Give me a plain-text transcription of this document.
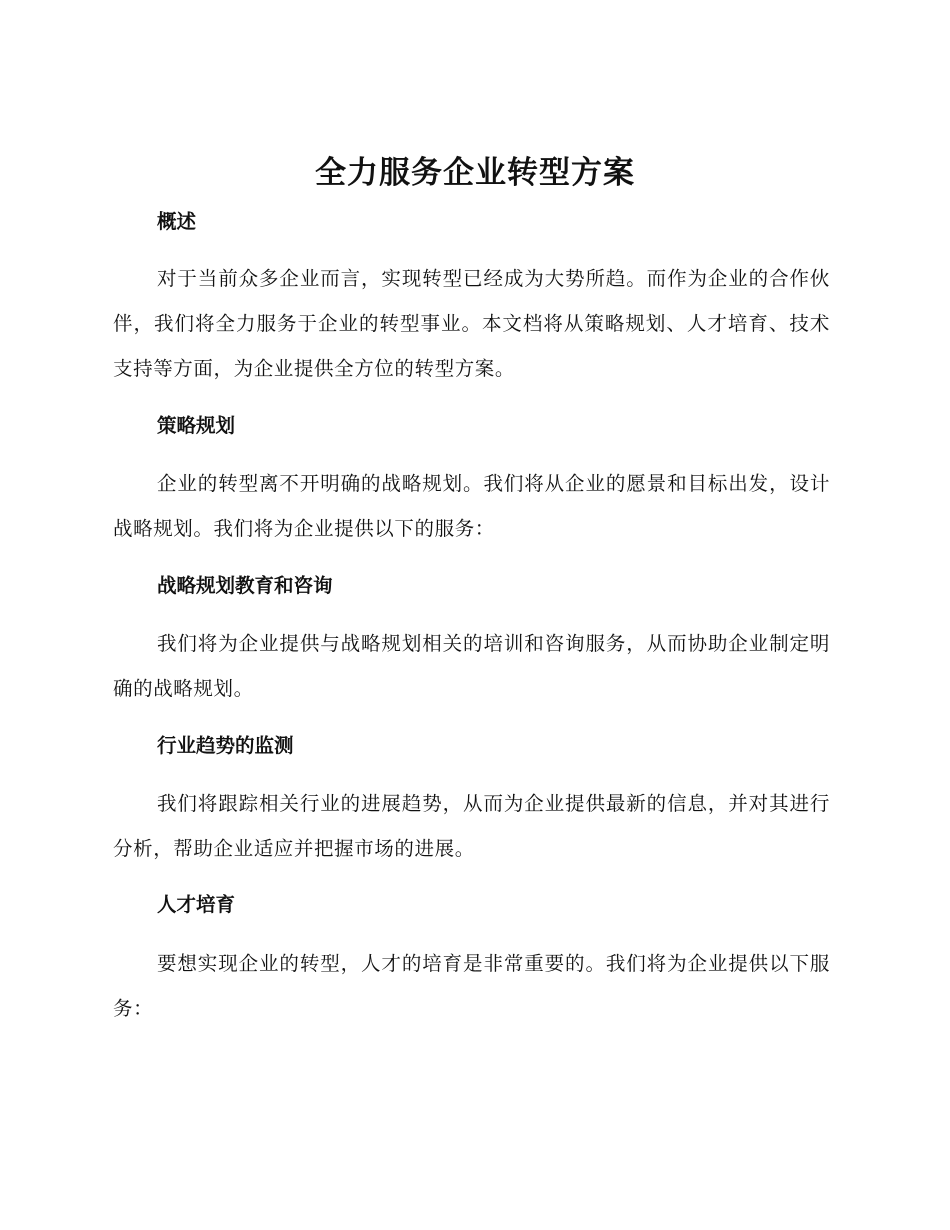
全力服务企业转型方案
概述

对于当前众多企业而言，实现转型已经成为大势所趋。而作为企业的合作伙伴，我们将全力服务于企业的转型事业。本文档将从策略规划、人才培育、技术支持等方面，为企业提供全方位的转型方案。

策略规划

企业的转型离不开明确的战略规划。我们将从企业的愿景和目标出发，设计战略规划。我们将为企业提供以下的服务：

战略规划教育和咨询

我们将为企业提供与战略规划相关的培训和咨询服务，从而协助企业制定明确的战略规划。

行业趋势的监测

我们将跟踪相关行业的进展趋势，从而为企业提供最新的信息，并对其进行分析，帮助企业适应并把握市场的进展。

人才培育

要想实现企业的转型，人才的培育是非常重要的。我们将为企业提供以下服务：
